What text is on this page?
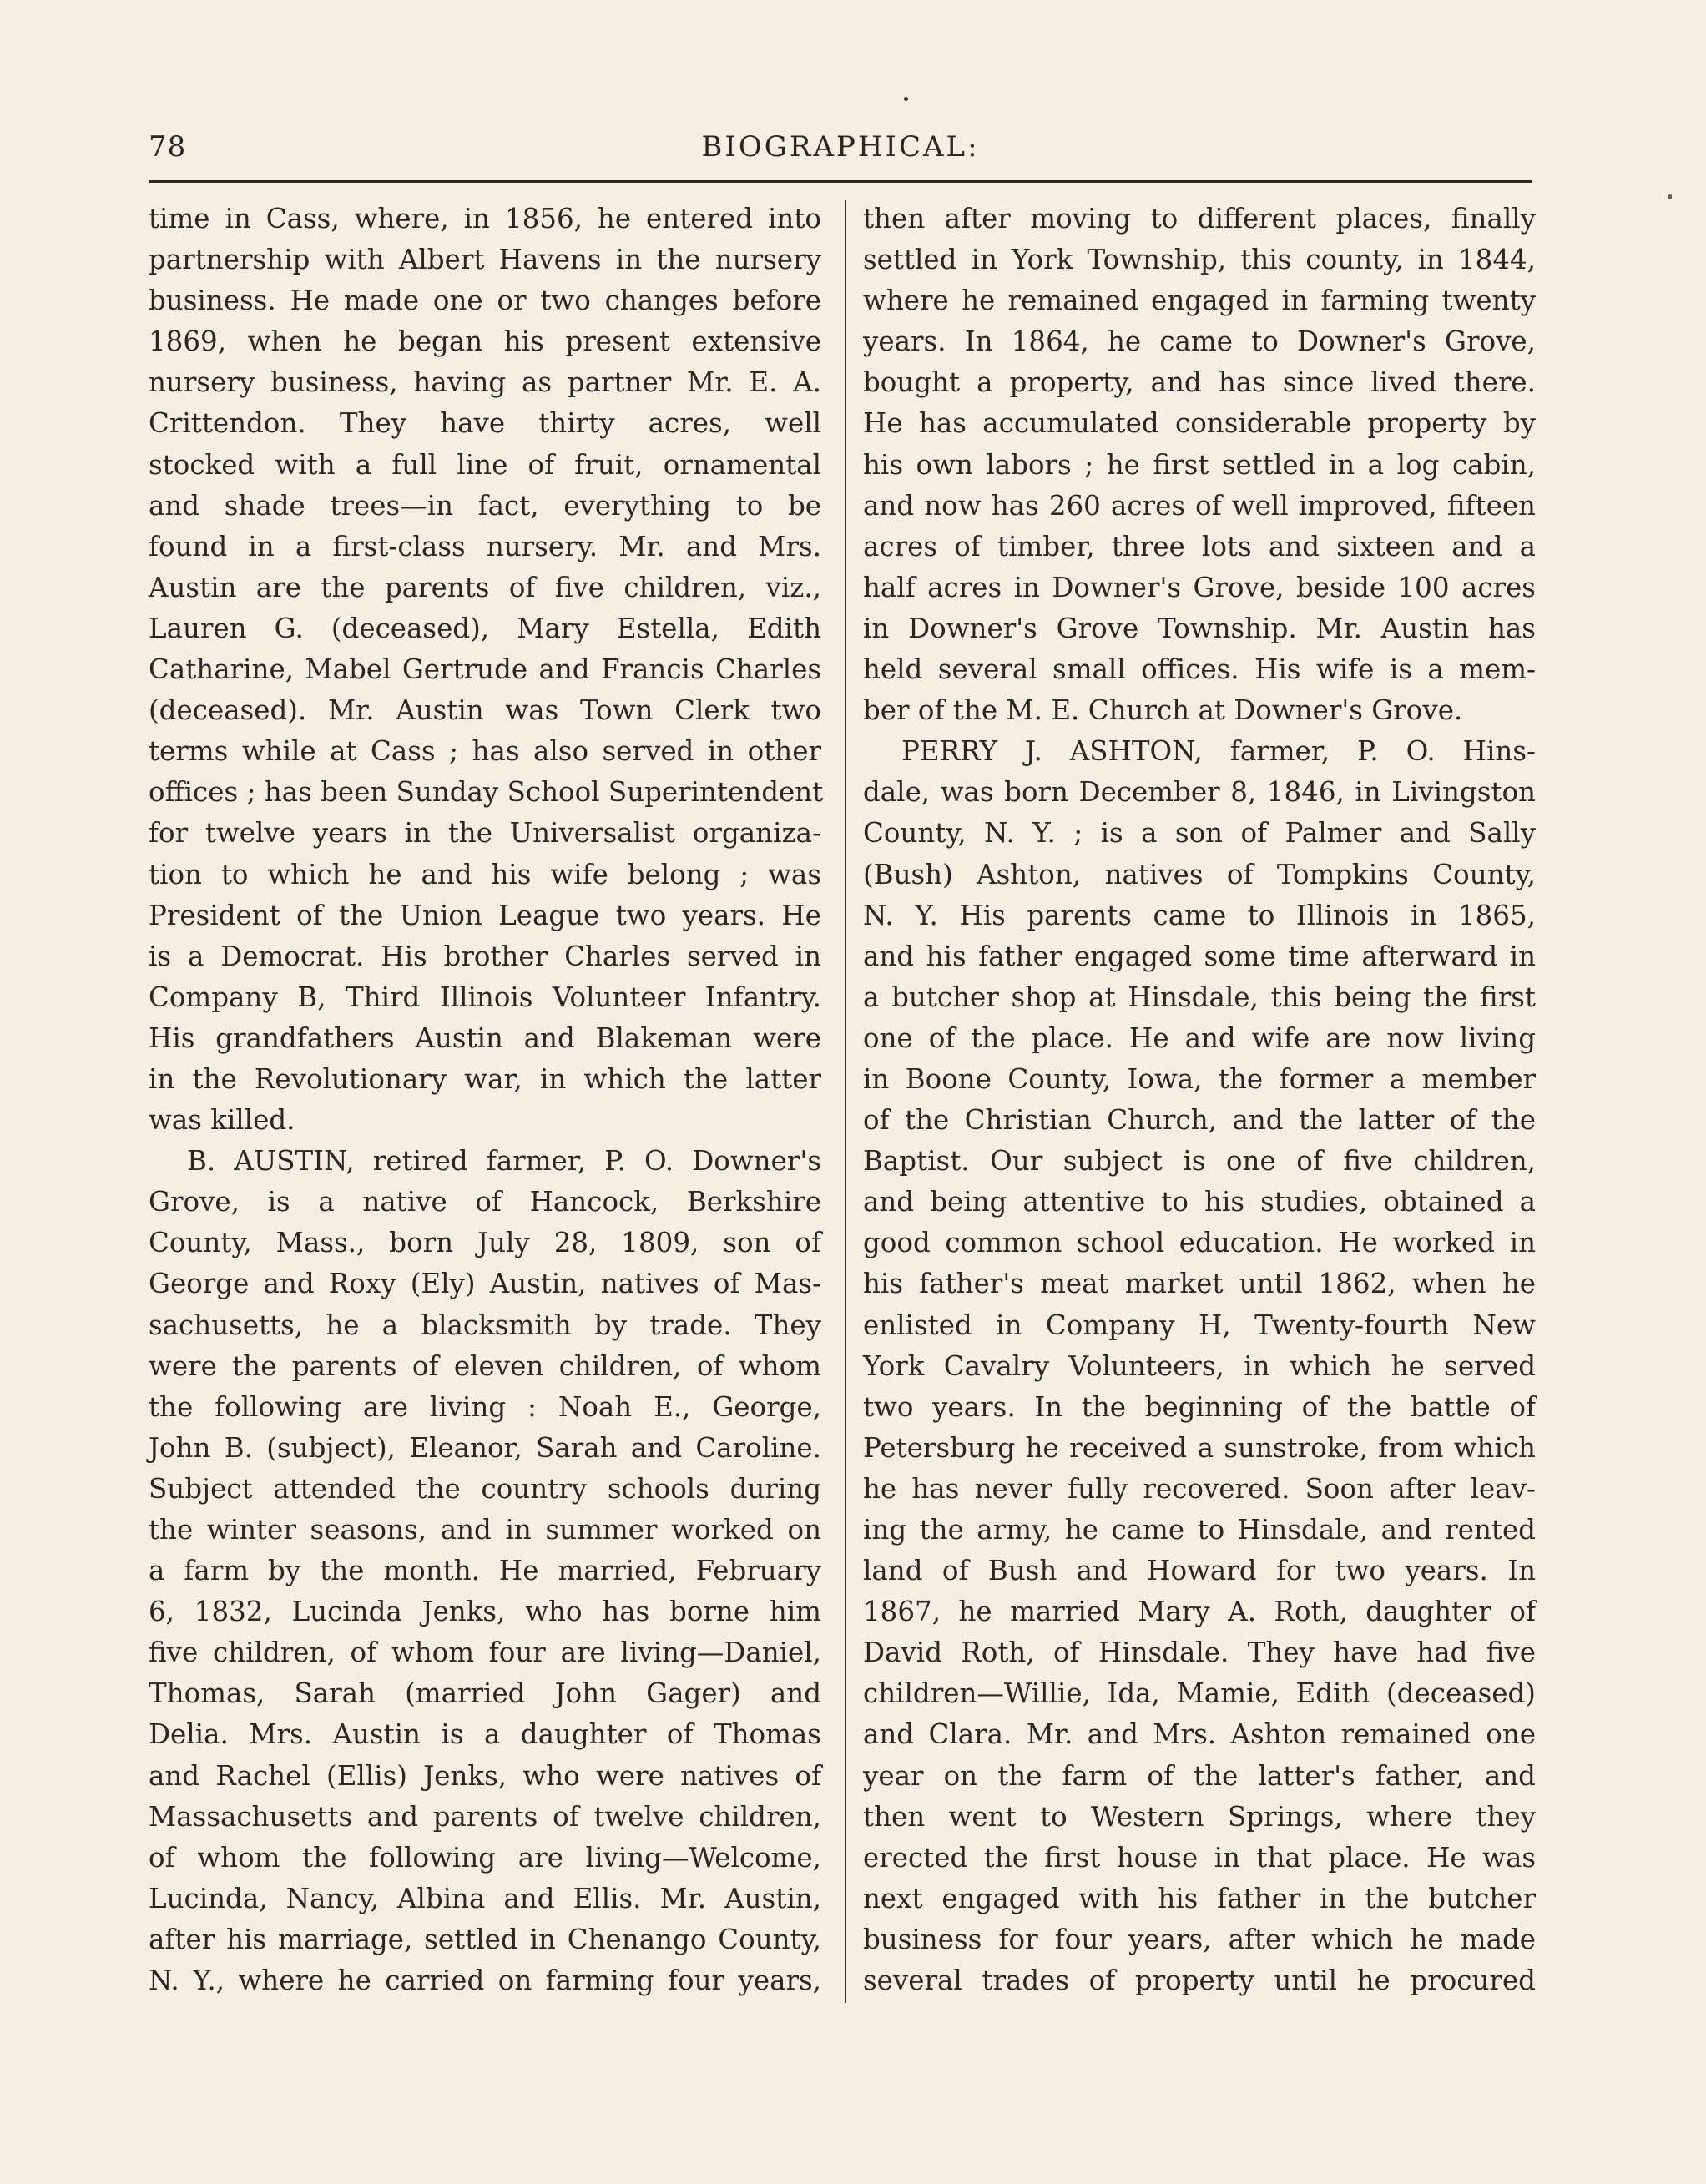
78	BIOGRAPHICAL:
time in Cass, where, in 1856, he entered into
partnership with Albert Havens in the nursery
business. He made one or two changes before
1869, when he began his present extensive
nursery business, having as partner Mr. E. A.
Crittendon. They have thirty acres, well
stocked with a full line of fruit, ornamental
and shade trees—in fact, everything to be
found in a first-class nursery. Mr. and Mrs.
Austin are the parents of five children, viz.,
Lauren G. (deceased), Mary Estella, Edith
Catharine, Mabel Gertrude and Francis Charles
(deceased). Mr. Austin was Town Clerk two
terms while at Cass ; has also served in other
offices ; has been Sunday School Superintendent
for twelve years in the Universalist organiza-
tion to which he and his wife belong ; was
President of the Union League two years. He
is a Democrat. His brother Charles served in
Company B, Third Illinois Volunteer Infantry.
His grandfathers Austin and Blakeman were
in the Revolutionary war, in which the latter
was killed.
B. AUSTIN, retired farmer, P. O. Downer's
Grove, is a native of Hancock, Berkshire
County, Mass., born July 28, 1809, son of
George and Roxy (Ely) Austin, natives of Mas-
sachusetts, he a blacksmith by trade. They
were the parents of eleven children, of whom
the following are living : Noah E., George,
John B. (subject), Eleanor, Sarah and Caroline.
Subject attended the country schools during
the winter seasons, and in summer worked on
a farm by the month. He married, February
6, 1832, Lucinda Jenks, who has borne him
five children, of whom four are living—Daniel,
Thomas, Sarah (married John Gager) and
Delia. Mrs. Austin is a daughter of Thomas
and Rachel (Ellis) Jenks, who were natives of
Massachusetts and parents of twelve children,
of whom the following are living—Welcome,
Lucinda, Nancy, Albina and Ellis. Mr. Austin,
after his marriage, settled in Chenango County,
N. Y., where he carried on farming four years,
then after moving to different places, finally
settled in York Township, this county, in 1844,
where he remained engaged in farming twenty
years. In 1864, he came to Downer's Grove,
bought a property, and has since lived there.
He has accumulated considerable property by
his own labors ; he first settled in a log cabin,
and now has 260 acres of well improved, fifteen
acres of timber, three lots and sixteen and a
half acres in Downer's Grove, beside 100 acres
in Downer's Grove Township. Mr. Austin has
held several small offices. His wife is a mem-
ber of the M. E. Church at Downer's Grove.
PERRY J. ASHTON, farmer, P. O. Hins-
dale, was born December 8, 1846, in Livingston
County, N. Y. ; is a son of Palmer and Sally
(Bush) Ashton, natives of Tompkins County,
N. Y. His parents came to Illinois in 1865,
and his father engaged some time afterward in
a butcher shop at Hinsdale, this being the first
one of the place. He and wife are now living
in Boone County, Iowa, the former a member
of the Christian Church, and the latter of the
Baptist. Our subject is one of five children,
and being attentive to his studies, obtained a
good common school education. He worked in
his father's meat market until 1862, when he
enlisted in Company H, Twenty-fourth New
York Cavalry Volunteers, in which he served
two years. In the beginning of the battle of
Petersburg he received a sunstroke, from which
he has never fully recovered. Soon after leav-
ing the army, he came to Hinsdale, and rented
land of Bush and Howard for two years. In
1867, he married Mary A. Roth, daughter of
David Roth, of Hinsdale. They have had five
children—Willie, Ida, Mamie, Edith (deceased)
and Clara. Mr. and Mrs. Ashton remained one
year on the farm of the latter's father, and
then went to Western Springs, where they
erected the first house in that place. He was
next engaged with his father in the butcher
business for four years, after which he made
several trades of property until he procured
